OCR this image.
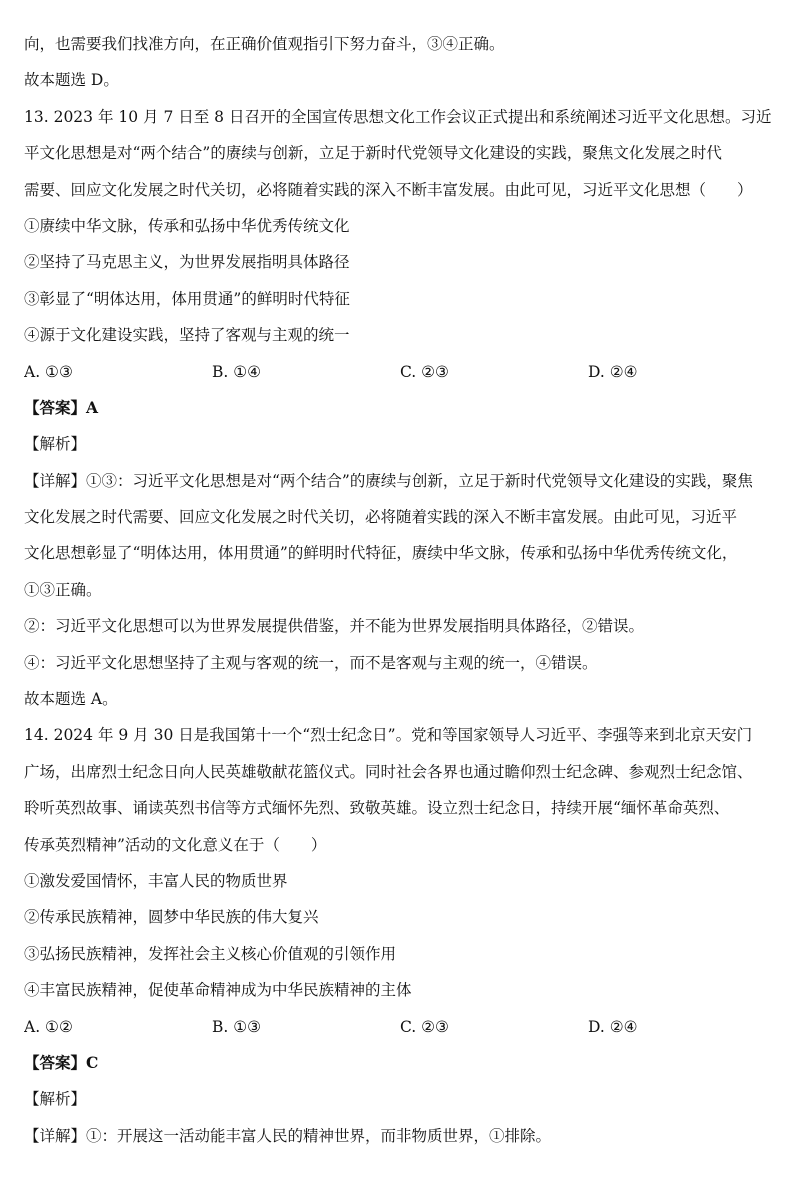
向，也需要我们找准方向，在正确价值观指引下努力奋斗，③④正确。
故本题选 D。
13. 2023 年 10 月 7 日至 8 日召开的全国宣传思想文化工作会议正式提出和系统阐述习近平文化思想。习近
平文化思想是对“两个结合”的赓续与创新，立足于新时代党领导文化建设的实践，聚焦文化发展之时代
需要、回应文化发展之时代关切，必将随着实践的深入不断丰富发展。由此可见，习近平文化思想（　　）
①赓续中华文脉，传承和弘扬中华优秀传统文化
②坚持了马克思主义，为世界发展指明具体路径
③彰显了“明体达用，体用贯通”的鲜明时代特征
④源于文化建设实践，坚持了客观与主观的统一
A. ①③	B. ①④	C. ②③	D. ②④
【答案】A
【解析】
【详解】①③：习近平文化思想是对“两个结合”的赓续与创新，立足于新时代党领导文化建设的实践，聚焦
文化发展之时代需要、回应文化发展之时代关切，必将随着实践的深入不断丰富发展。由此可见，习近平
文化思想彰显了“明体达用，体用贯通”的鲜明时代特征，赓续中华文脉，传承和弘扬中华优秀传统文化，
①③正确。
②：习近平文化思想可以为世界发展提供借鉴，并不能为世界发展指明具体路径，②错误。
④：习近平文化思想坚持了主观与客观的统一，而不是客观与主观的统一，④错误。
故本题选 A。
14. 2024 年 9 月 30 日是我国第十一个“烈士纪念日”。党和等国家领导人习近平、李强等来到北京天安门
广场，出席烈士纪念日向人民英雄敬献花篮仪式。同时社会各界也通过瞻仰烈士纪念碑、参观烈士纪念馆、
聆听英烈故事、诵读英烈书信等方式缅怀先烈、致敬英雄。设立烈士纪念日，持续开展“缅怀革命英烈、
传承英烈精神”活动的文化意义在于（　　）
①激发爱国情怀，丰富人民的物质世界
②传承民族精神，圆梦中华民族的伟大复兴
③弘扬民族精神，发挥社会主义核心价值观的引领作用
④丰富民族精神，促使革命精神成为中华民族精神的主体
A. ①②	B. ①③	C. ②③	D. ②④
【答案】C
【解析】
【详解】①：开展这一活动能丰富人民的精神世界，而非物质世界，①排除。
